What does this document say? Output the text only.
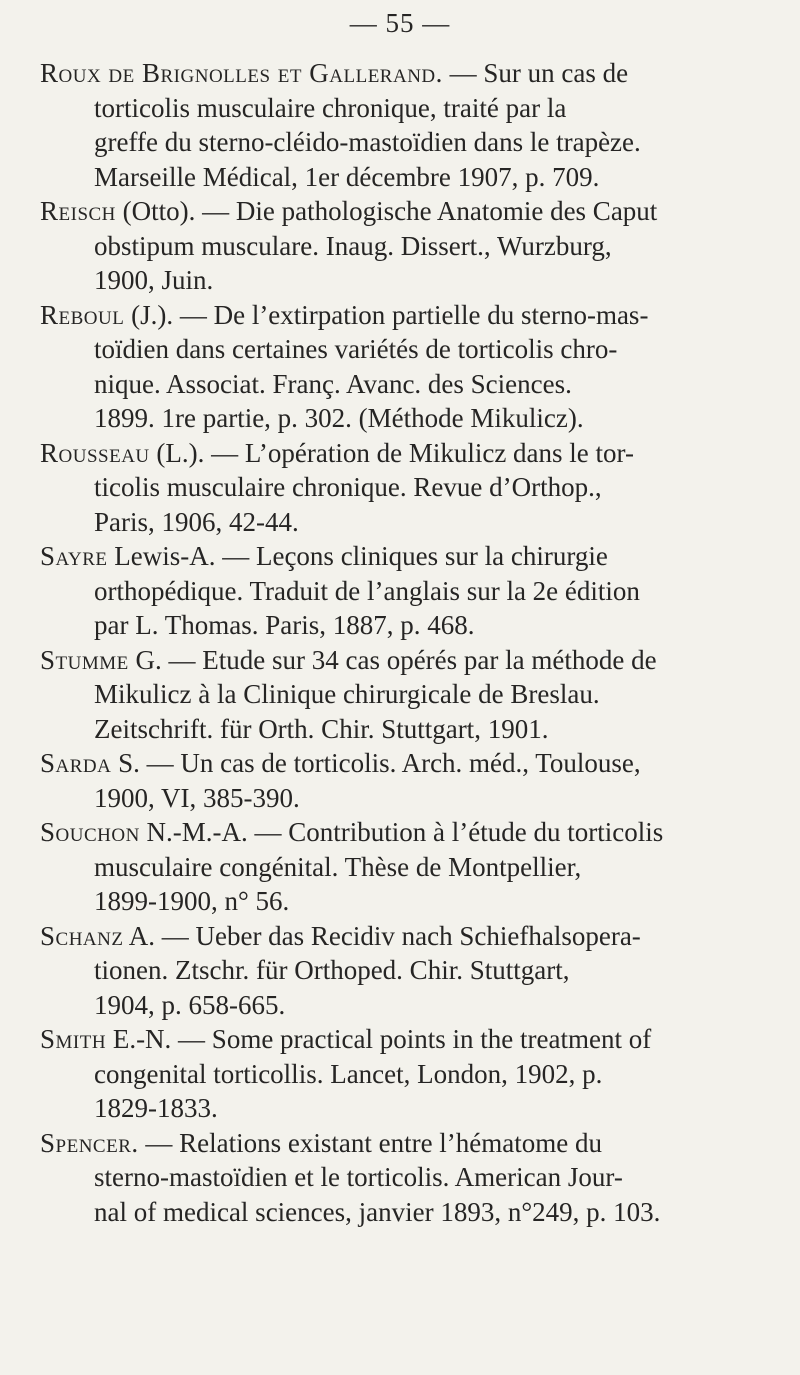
— 55 —

Roux de Brignolles et Gallerand. — Sur un cas de
torticolis musculaire chronique, traité par la
greffe du sterno-cléido-mastoïdien dans le trapèze.
Marseille Médical, 1er décembre 1907, p. 709.

Reisch (Otto). — Die pathologische Anatomie des Caput
obstipum musculare. Inaug. Dissert., Wurzburg,
1900, Juin.

Reboul (J.). — De l’extirpation partielle du sterno-mas-
toïdien dans certaines variétés de torticolis chro-
nique. Associat. Franç. Avanc. des Sciences.
1899. 1re partie, p. 302. (Méthode Mikulicz).

Rousseau (L.). — L’opération de Mikulicz dans le tor-
ticolis musculaire chronique. Revue d’Orthop.,
Paris, 1906, 42-44.

Sayre Lewis-A. — Leçons cliniques sur la chirurgie
orthopédique. Traduit de l’anglais sur la 2e édition
par L. Thomas. Paris, 1887, p. 468.

Stumme G. — Etude sur 34 cas opérés par la méthode de
Mikulicz à la Clinique chirurgicale de Breslau.
Zeitschrift. für Orth. Chir. Stuttgart, 1901.

Sarda S. — Un cas de torticolis. Arch. méd., Toulouse,
1900, VI, 385-390.

Souchon N.-M.-A. — Contribution à l’étude du torticolis
musculaire congénital. Thèse de Montpellier,
1899-1900, n° 56.

Schanz A. — Ueber das Recidiv nach Schiefhalsopera-
tionen. Ztschr. für Orthoped. Chir. Stuttgart,
1904, p. 658-665.

Smith E.-N. — Some practical points in the treatment of
congenital torticollis. Lancet, London, 1902, p.
1829-1833.

Spencer. — Relations existant entre l’hématome du
sterno-mastoïdien et le torticolis. American Jour-
nal of medical sciences, janvier 1893, n°249, p. 103.
